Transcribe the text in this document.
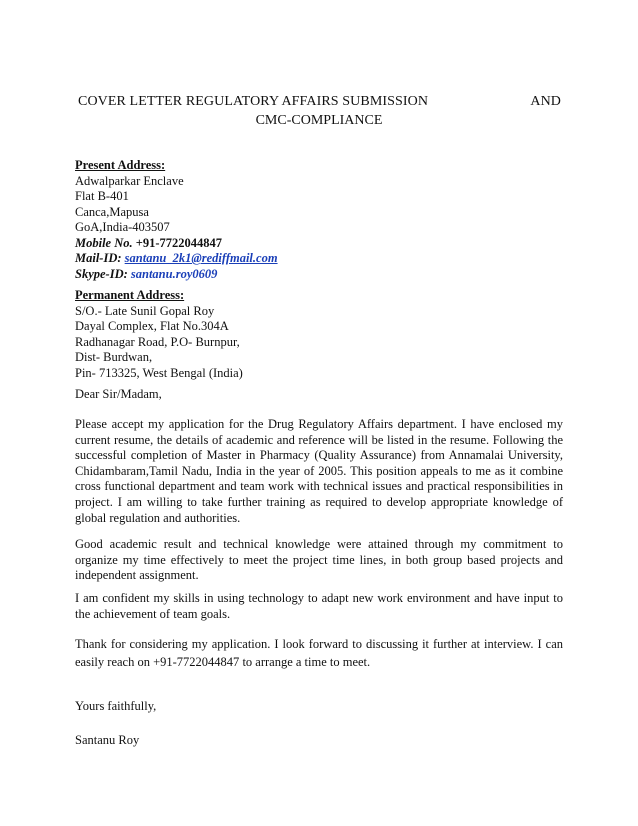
COVER LETTER REGULATORY AFFAIRS SUBMISSION	AND
CMC-COMPLIANCE
Present Address:
Adwalparkar Enclave
Flat B-401
Canca,Mapusa
GoA,India-403507
Mobile No. +91-7722044847
Mail-ID: santanu_2k1@rediffmail.com
Skype-ID: santanu.roy0609
Permanent Address:
S/O.- Late Sunil Gopal Roy
Dayal Complex, Flat No.304A
Radhanagar Road, P.O- Burnpur,
Dist- Burdwan,
Pin- 713325, West Bengal (India)
Dear Sir/Madam,
Please accept my application for the Drug Regulatory Affairs department. I have enclosed my current resume, the details of academic and reference will be listed in the resume. Following the successful completion of Master in Pharmacy (Quality Assurance) from Annamalai University, Chidambaram,Tamil Nadu, India in the year of 2005. This position appeals to me as it combine cross functional department and team work with technical issues and practical responsibilities in project. I am willing to take further training as required to develop appropriate knowledge of global regulation and authorities.
Good academic result and technical knowledge were attained through my commitment to organize my time effectively to meet the project time lines, in both group based projects and independent assignment.
I am confident my skills in using technology to adapt new work environment and have input to the achievement of team goals.
Thank for considering my application. I look forward to discussing it further at interview. I can easily reach on +91-7722044847 to arrange a time to meet.
Yours faithfully,
Santanu Roy
